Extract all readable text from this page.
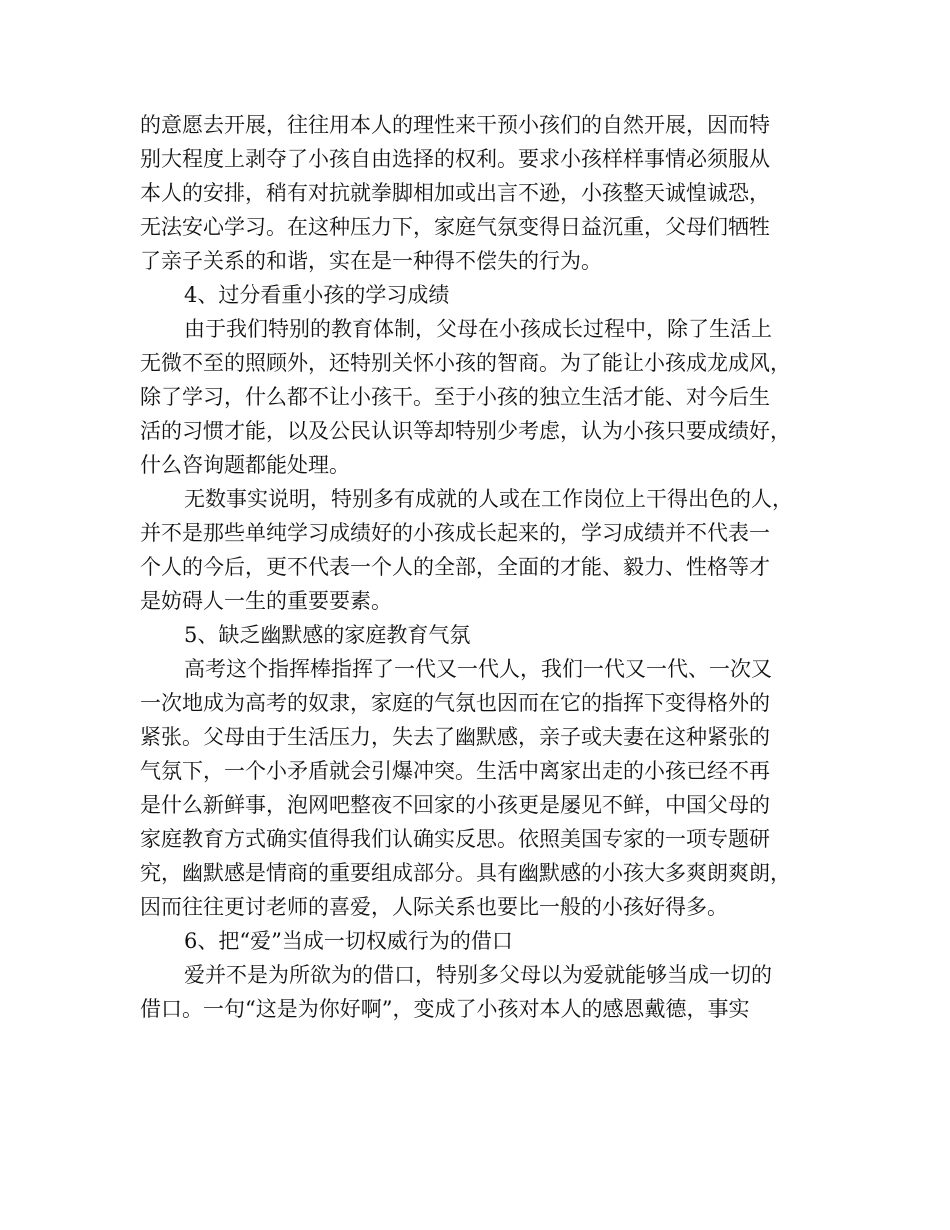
的意愿去开展，往往用本人的理性来干预小孩们的自然开展，因而特
别大程度上剥夺了小孩自由选择的权利。要求小孩样样事情必须服从
本人的安排，稍有对抗就拳脚相加或出言不逊，小孩整天诚惶诚恐，
无法安心学习。在这种压力下，家庭气氛变得日益沉重，父母们牺牲
了亲子关系的和谐，实在是一种得不偿失的行为。
4、过分看重小孩的学习成绩
由于我们特别的教育体制，父母在小孩成长过程中，除了生活上
无微不至的照顾外，还特别关怀小孩的智商。为了能让小孩成龙成风，
除了学习，什么都不让小孩干。至于小孩的独立生活才能、对今后生
活的习惯才能，以及公民认识等却特别少考虑，认为小孩只要成绩好，
什么咨询题都能处理。
无数事实说明，特别多有成就的人或在工作岗位上干得出色的人，
并不是那些单纯学习成绩好的小孩成长起来的，学习成绩并不代表一
个人的今后，更不代表一个人的全部，全面的才能、毅力、性格等才
是妨碍人一生的重要要素。
5、缺乏幽默感的家庭教育气氛
高考这个指挥棒指挥了一代又一代人，我们一代又一代、一次又
一次地成为高考的奴隶，家庭的气氛也因而在它的指挥下变得格外的
紧张。父母由于生活压力，失去了幽默感，亲子或夫妻在这种紧张的
气氛下，一个小矛盾就会引爆冲突。生活中离家出走的小孩已经不再
是什么新鲜事，泡网吧整夜不回家的小孩更是屡见不鲜，中国父母的
家庭教育方式确实值得我们认确实反思。依照美国专家的一项专题研
究，幽默感是情商的重要组成部分。具有幽默感的小孩大多爽朗爽朗，
因而往往更讨老师的喜爱，人际关系也要比一般的小孩好得多。
6、把“爱”当成一切权威行为的借口
爱并不是为所欲为的借口，特别多父母以为爱就能够当成一切的
借口。一句“这是为你好啊”，变成了小孩对本人的感恩戴德，事实
